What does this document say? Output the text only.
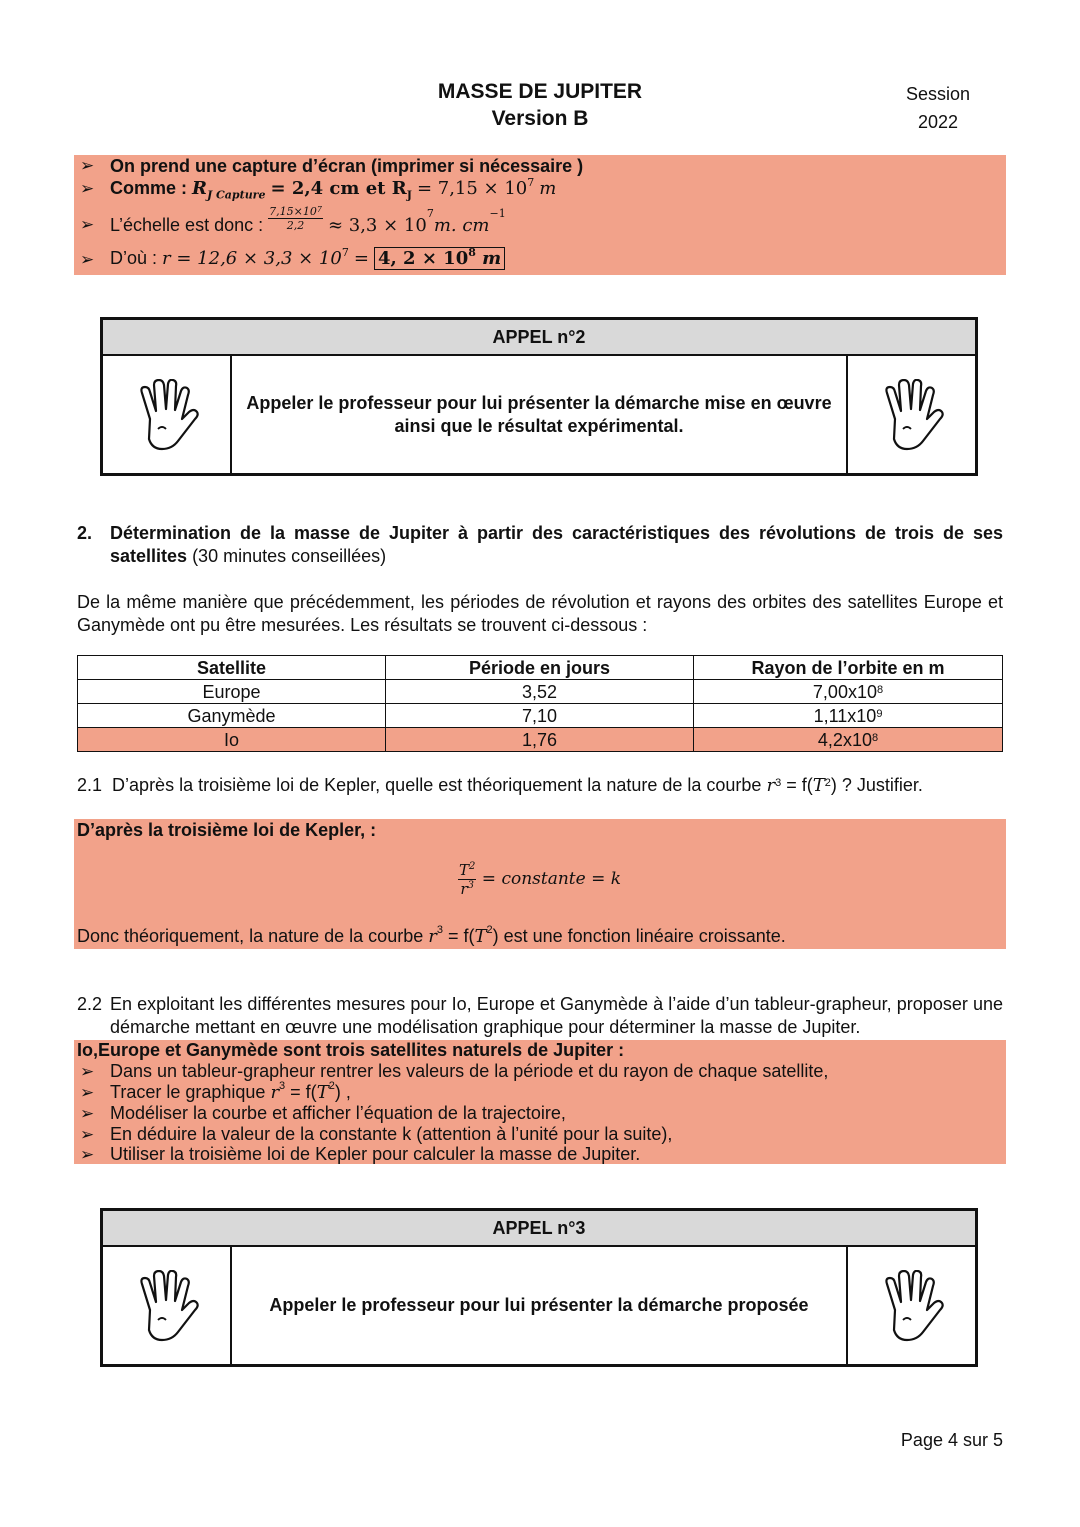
MASSE DE JUPITER
Version B
Session
2022
➢ On prend une capture d’écran (imprimer si nécessaire )
➢ Comme : $R_{J Capture} = 2,4$ cm et $R_J = 7,15 \times 10^7$ m
➢ L’échelle est donc : $\frac{7,15\times 10^7}{2,2} \approx 3,3 \times 10^7m$. $cm^{-1}$
➢ D’où : $r = 12,6 \times 3,3 \times 10^7 = 4$, $2 \times 10^8$ m
APPEL n°2
Appeler le professeur pour lui présenter la démarche mise en œuvre ainsi que le résultat expérimental.
2. Détermination de la masse de Jupiter à partir des caractéristiques des révolutions de trois de ses satellites (30 minutes conseillées)
De la même manière que précédemment, les périodes de révolution et rayons des orbites des satellites Europe et Ganymède ont pu être mesurées. Les résultats se trouvent ci-dessous :
Satellite	Période en jours	Rayon de l’orbite en m
Europe	3,52	$7,00x10^8$
Ganymède	7,10	$1,11x10^9$
Io	1,76	$4,2x10^8$
2.1 D’après la troisième loi de Kepler, quelle est théoriquement la nature de la courbe $r^3 = f(T^2)$ ? Justifier.
D’après la troisième loi de Kepler, :
$\frac{T^2}{r^3}$ = constante = k
Donc théoriquement, la nature de la courbe $r^3 = f(T^2)$ est une fonction linéaire croissante.
2.2 En exploitant les différentes mesures pour Io, Europe et Ganymède à l’aide d’un tableur-grapheur, proposer une démarche mettant en œuvre une modélisation graphique pour déterminer la masse de Jupiter.
Io,Europe et Ganymède sont trois satellites naturels de Jupiter :
➢ Dans un tableur-grapheur rentrer les valeurs de la période et du rayon de chaque satellite,
➢ Tracer le graphique $r^3 = f(T^2)$ ,
➢ Modéliser la courbe et afficher l’équation de la trajectoire,
➢ En déduire la valeur de la constante k (attention à l’unité pour la suite),
➢ Utiliser la troisième loi de Kepler pour calculer la masse de Jupiter.
APPEL n°3
Appeler le professeur pour lui présenter la démarche proposée
Page 4 sur 5
